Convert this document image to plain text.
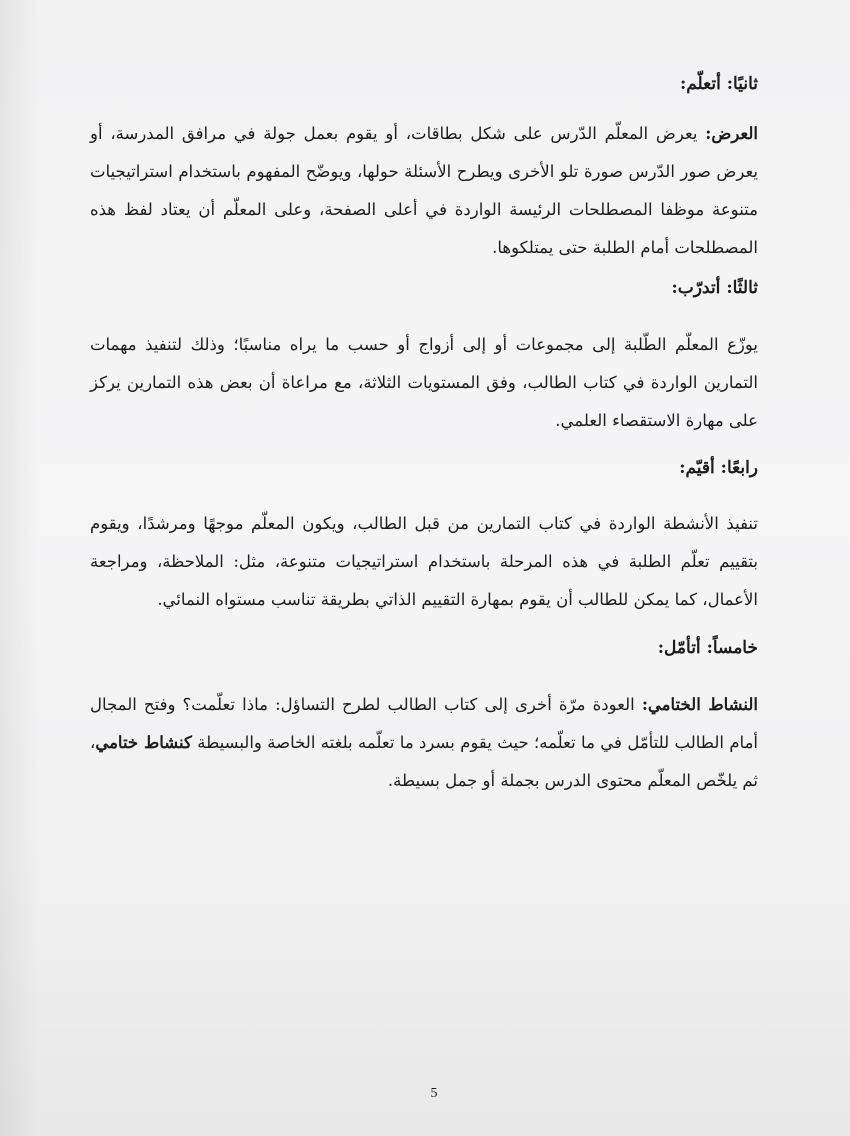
ثانيًا: أتعلّم:

العرض: يعرض المعلّم الدّرس على شكل بطاقات، أو يقوم بعمل جولة في مرافق المدرسة، أو يعرض صور الدّرس صورة تلو الأخرى ويطرح الأسئلة حولها، ويوضّح المفهوم باستخدام استراتيجيات متنوعة موظفا المصطلحات الرئيسة الواردة في أعلى الصفحة، وعلى المعلّم أن يعتاد لفظ هذه المصطلحات أمام الطلبة حتى يمتلكوها.

ثالثًا: أتدرّب:

يوزّع المعلّم الطّلبة إلى مجموعات أو إلى أزواج أو حسب ما يراه مناسبًا؛ وذلك لتنفيذ مهمات التمارين الواردة في كتاب الطالب، وفق المستويات الثلاثة، مع مراعاة أن بعض هذه التمارين يركز على مهارة الاستقصاء العلمي.

رابعًا: أقيّم:

تنفيذ الأنشطة الواردة في كتاب التمارين من قبل الطالب، ويكون المعلّم موجهًا ومرشدًا، ويقوم بتقييم تعلّم الطلبة في هذه المرحلة باستخدام استراتيجيات متنوعة، مثل: الملاحظة، ومراجعة الأعمال، كما يمكن للطالب أن يقوم بمهارة التقييم الذاتي بطريقة تناسب مستواه النمائي.

خامساً: أتأمّل:

النشاط الختامي: العودة مرّة أخرى إلى كتاب الطالب لطرح التساؤل: ماذا تعلّمت؟ وفتح المجال أمام الطالب للتأمّل في ما تعلّمه؛ حيث يقوم بسرد ما تعلّمه بلغته الخاصة والبسيطة كنشاط ختامي، ثم يلخّص المعلّم محتوى الدرس بجملة أو جمل بسيطة.

5
